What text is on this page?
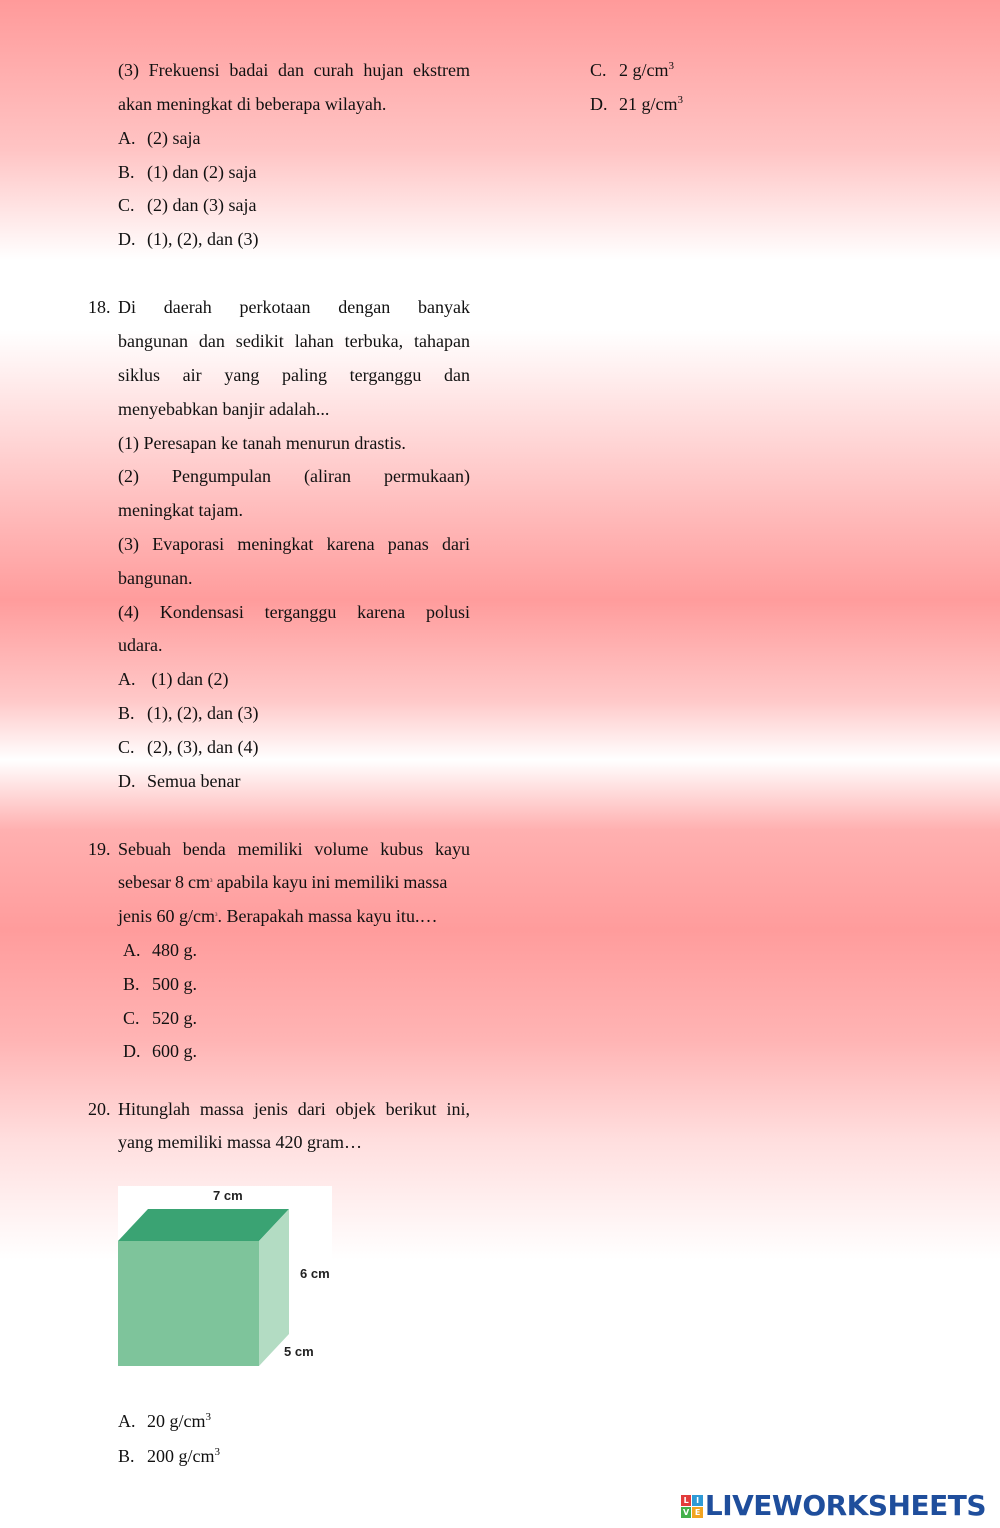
(3) Frekuensi badai dan curah hujan ekstrem
akan meningkat di beberapa wilayah.
A. (2) saja
B. (1) dan (2) saja
C. (2) dan (3) saja
D. (1), (2), dan (3)
C. 2 $g/cm^3$
D. 21 $g/cm^3$
18. Di daerah perkotaan dengan banyak
bangunan dan sedikit lahan terbuka, tahapan
siklus air yang paling terganggu dan
menyebabkan banjir adalah...
(1) Peresapan ke tanah menurun drastis.
(2) Pengumpulan (aliran permukaan)
meningkat tajam.
(3) Evaporasi meningkat karena panas dari
bangunan.
(4) Kondensasi terganggu karena polusi
udara.
A. (1) dan (2)
B. (1), (2), dan (3)
C. (2), (3), dan (4)
D. Semua benar
19. Sebuah benda memiliki volume kubus kayu
sebesar 8 $cm^3$ apabila kayu ini memiliki massa
jenis 60 $g/cm^3$. Berapakah massa kayu itu.…
A. 480 g.
B. 500 g.
C. 520 g.
D. 600 g.
20. Hitunglah massa jenis dari objek berikut ini,
yang memiliki massa 420 gram…
7 cm
6 cm
5 cm
A. 20 $g/cm^3$
B. 200 $g/cm^3$
L I
V E LIVEWORKSHEETS
